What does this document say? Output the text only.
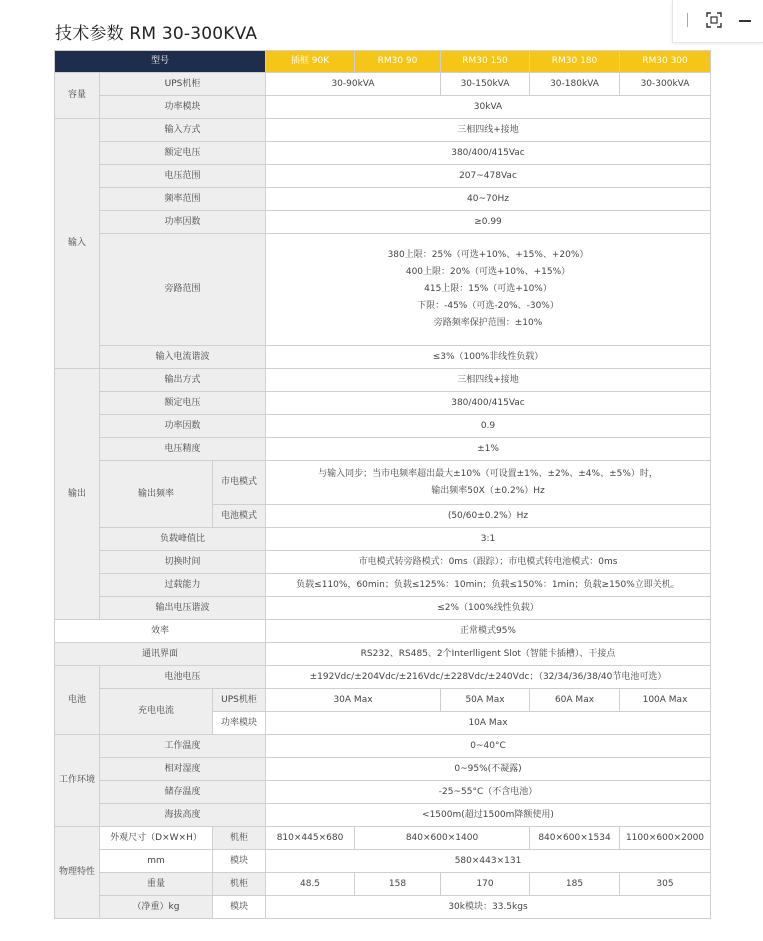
技术参数 RM 30-300KVA
型号			插框 90K	RM30 90	RM30 150	RM30 180	RM30 300
容量	UPS机柜		30-90kVA		30-150kVA	30-180kVA	30-300kVA
	功率模块		30kVA				
输入	输入方式		三相四线+接地				
	额定电压		380/400/415Vac				
	电压范围		207~478Vac				
	频率范围		40~70Hz				
	功率因数		≥0.99				
	旁路范围		380上限：25%（可选+10%、+15%、+20%）
400上限：20%（可选+10%、+15%）
415上限：15%（可选+10%）
下限：-45%（可选-20%、-30%）
旁路频率保护范围：±10%				

	输入电流谐波		≤3%（100%非线性负载）				

输出	输出方式		三相四线+接地				
	额定电压		380/400/415Vac				
	功率因数		0.9				
	电压精度		±1%				
	输出频率	市电模式	与输入同步；当市电频率超出最大±10%（可设置±1%、±2%、±4%、±5%）时，
输出频率50X（±0.2%）Hz				

		电池模式	(50/60±0.2%）Hz				
	负载峰值比		3:1				
	切换时间		市电模式转旁路模式：0ms（跟踪）；市电模式转电池模式：0ms				
	过载能力		负载≤110%，60min；负载≤125%：10min；负载≤150%：1min；负载≥150%立即关机。				
	输出电压谐波		≤2%（100%线性负载）				

效率			正常模式95%				
通讯界面			RS232、RS485、2个Interlligent Slot（智能卡插槽）、干接点				
电池	电池电压		±192Vdc/±204Vdc/±216Vdc/±228Vdc/±240Vdc；（32/34/36/38/40节电池可选）				
	充电电流	UPS机柜	30A Max		50A Max	60A Max	100A Max
		功率模块	10A Max				
工作环境	工作温度		0~40°C				
	相对湿度		0~95%(不凝露)				
	储存温度		-25~55°C（不含电池）				
	海拔高度		<1500m(超过1500m降额使用)				
物理特性	外观尺寸（D×W×H）	机柜	810×445×680	840×600×1400		840×600×1534	1100×600×2000
	mm	模块	580×443×131				
	重量	机柜	48.5	158	170	185	305
	（净重）kg	模块	30k模块：33.5kgs				
